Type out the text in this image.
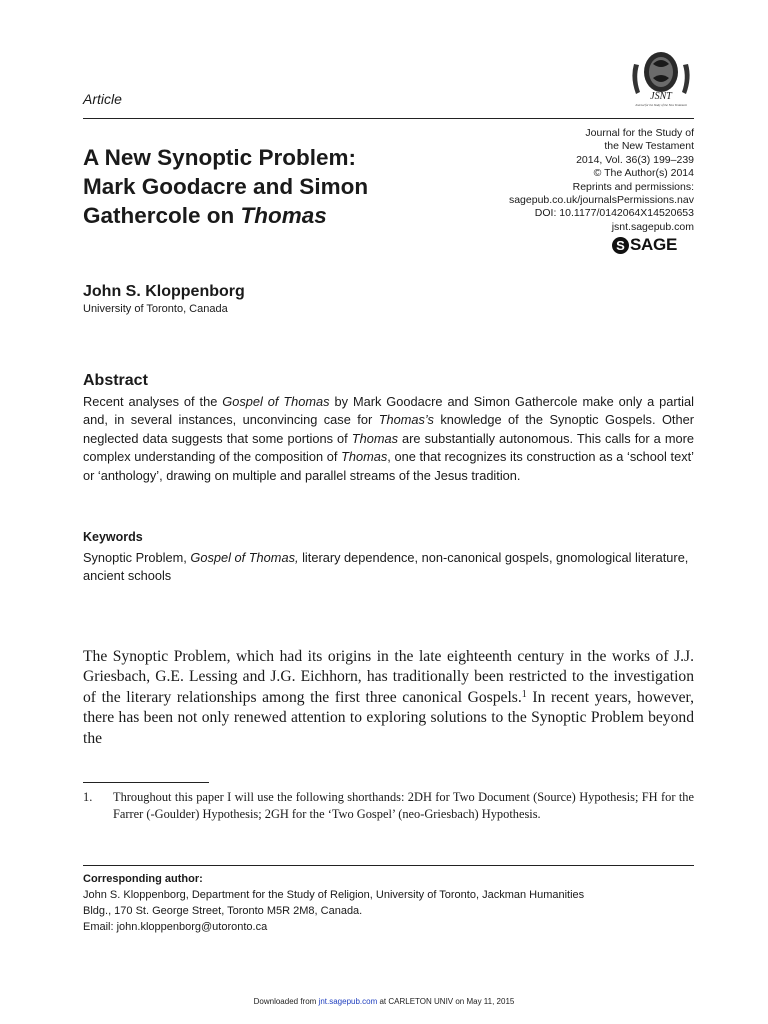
Article	JSNT
Journal for the Study of the New Testament
A New Synoptic Problem:
Mark Goodacre and Simon
Gathercole on Thomas
Journal for the Study of
the New Testament
2014, Vol. 36(3) 199–239
© The Author(s) 2014
Reprints and permissions:
sagepub.co.uk/journalsPermissions.nav
DOI: 10.1177/0142064X14520653
jsnt.sagepub.com
S SAGE
John S. Kloppenborg
University of Toronto, Canada
Abstract

Recent analyses of the Gospel of Thomas by Mark Goodacre and Simon Gathercole make only a partial and, in several instances, unconvincing case for Thomas’s knowledge of the Synoptic Gospels. Other neglected data suggests that some portions of Thomas are substantially autonomous. This calls for a more complex understanding of the composition of Thomas, one that recognizes its construction as a ‘school text’ or ‘anthology’, drawing on multiple and parallel streams of the Jesus tradition.

Keywords

Synoptic Problem, Gospel of Thomas, literary dependence, non-canonical gospels, gnomological literature, ancient schools

The Synoptic Problem, which had its origins in the late eighteenth century in the works of J.J. Griesbach, G.E. Lessing and J.G. Eichhorn, has traditionally been restricted to the investigation of the literary relationships among the first three canonical Gospels.$^1$ In recent years, however, there has been not only renewed attention to exploring solutions to the Synoptic Problem beyond the

1.	Throughout this paper I will use the following shorthands: 2DH for Two Document (Source) Hypothesis; FH for the Farrer (-Goulder) Hypothesis; 2GH for the ‘Two Gospel’ (neo-Griesbach) Hypothesis.

Corresponding author:

John S. Kloppenborg, Department for the Study of Religion, University of Toronto, Jackman Humanities
Bldg., 170 St. George Street, Toronto M5R 2M8, Canada.
Email: john.kloppenborg@utoronto.ca

Downloaded from jnt.sagepub.com at CARLETON UNIV on May 11, 2015
